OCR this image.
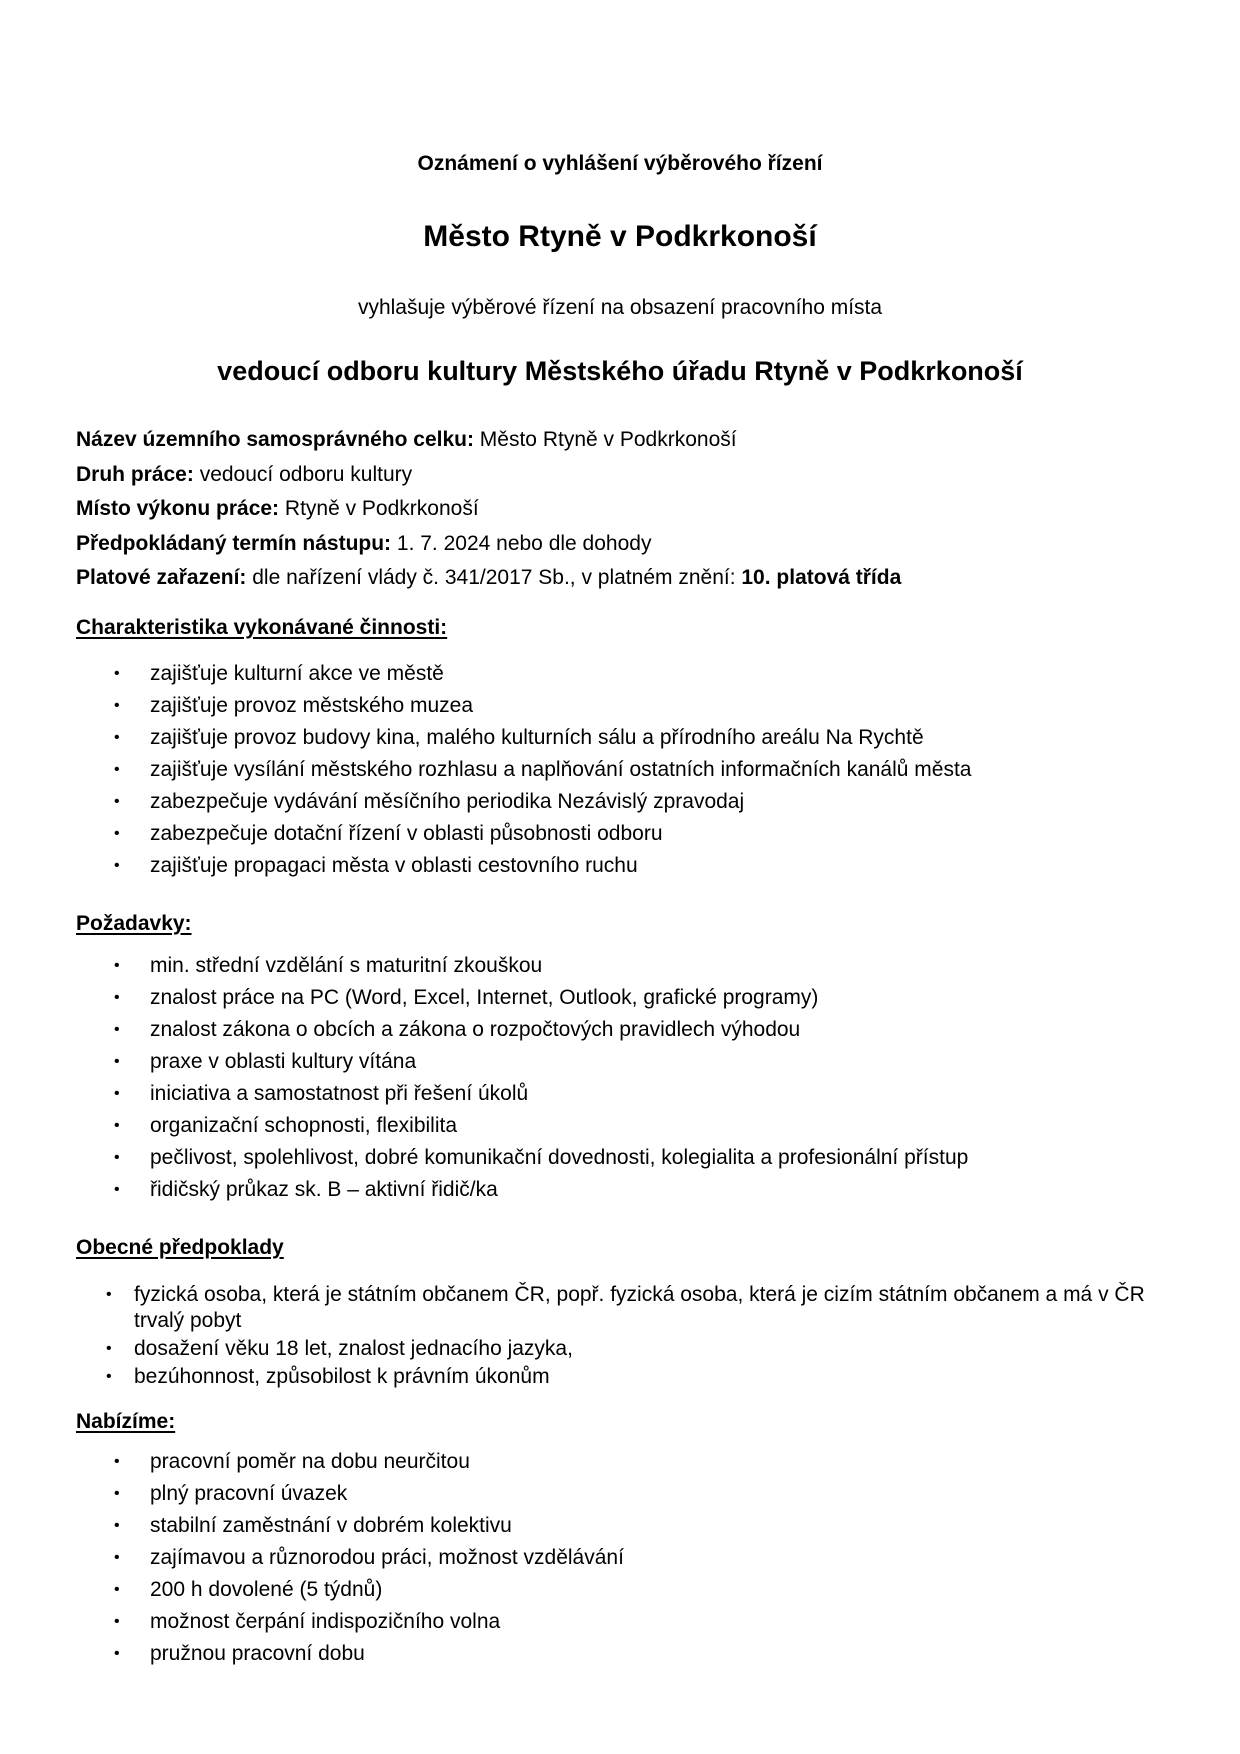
Oznámení o vyhlášení výběrového řízení
Město Rtyně v Podkrkonoší
vyhlašuje výběrové řízení na obsazení pracovního místa
vedoucí odboru kultury Městského úřadu Rtyně v Podkrkonoší
Název územního samosprávného celku: Město Rtyně v Podkrkonoší
Druh práce: vedoucí odboru kultury
Místo výkonu práce: Rtyně v Podkrkonoší
Předpokládaný termín nástupu: 1. 7. 2024 nebo dle dohody
Platové zařazení: dle nařízení vlády č. 341/2017 Sb., v platném znění: 10. platová třída
Charakteristika vykonávané činnosti:
• zajišťuje kulturní akce ve městě
• zajišťuje provoz městského muzea
• zajišťuje provoz budovy kina, malého kulturních sálu a přírodního areálu Na Rychtě
• zajišťuje vysílání městského rozhlasu a naplňování ostatních informačních kanálů města
• zabezpečuje vydávání měsíčního periodika Nezávislý zpravodaj
• zabezpečuje dotační řízení v oblasti působnosti odboru
• zajišťuje propagaci města v oblasti cestovního ruchu
Požadavky:
• min. střední vzdělání s maturitní zkouškou
• znalost práce na PC (Word, Excel, Internet, Outlook, grafické programy)
• znalost zákona o obcích a zákona o rozpočtových pravidlech výhodou
• praxe v oblasti kultury vítána
• iniciativa a samostatnost při řešení úkolů
• organizační schopnosti, flexibilita
• pečlivost, spolehlivost, dobré komunikační dovednosti, kolegialita a profesionální přístup
• řidičský průkaz sk. B – aktivní řidič/ka
Obecné předpoklady
• fyzická osoba, která je státním občanem ČR, popř. fyzická osoba, která je cizím státním občanem a má v ČR trvalý pobyt
• dosažení věku 18 let, znalost jednacího jazyka,
• bezúhonnost, způsobilost k právním úkonům
Nabízíme:
• pracovní poměr na dobu neurčitou
• plný pracovní úvazek
• stabilní zaměstnání v dobrém kolektivu
• zajímavou a různorodou práci, možnost vzdělávání
• 200 h dovolené (5 týdnů)
• možnost čerpání indispozičního volna
• pružnou pracovní dobu
